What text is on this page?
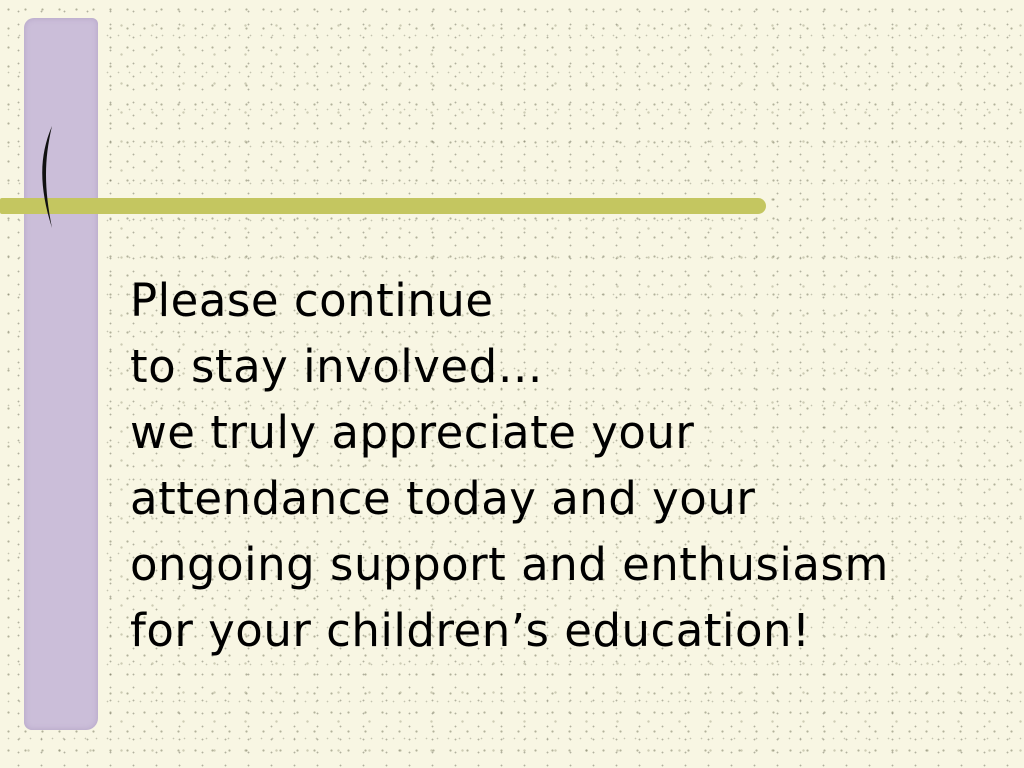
Please continue
to stay involved…
we truly appreciate your
attendance today and your
ongoing support and enthusiasm
for your children’s education!
